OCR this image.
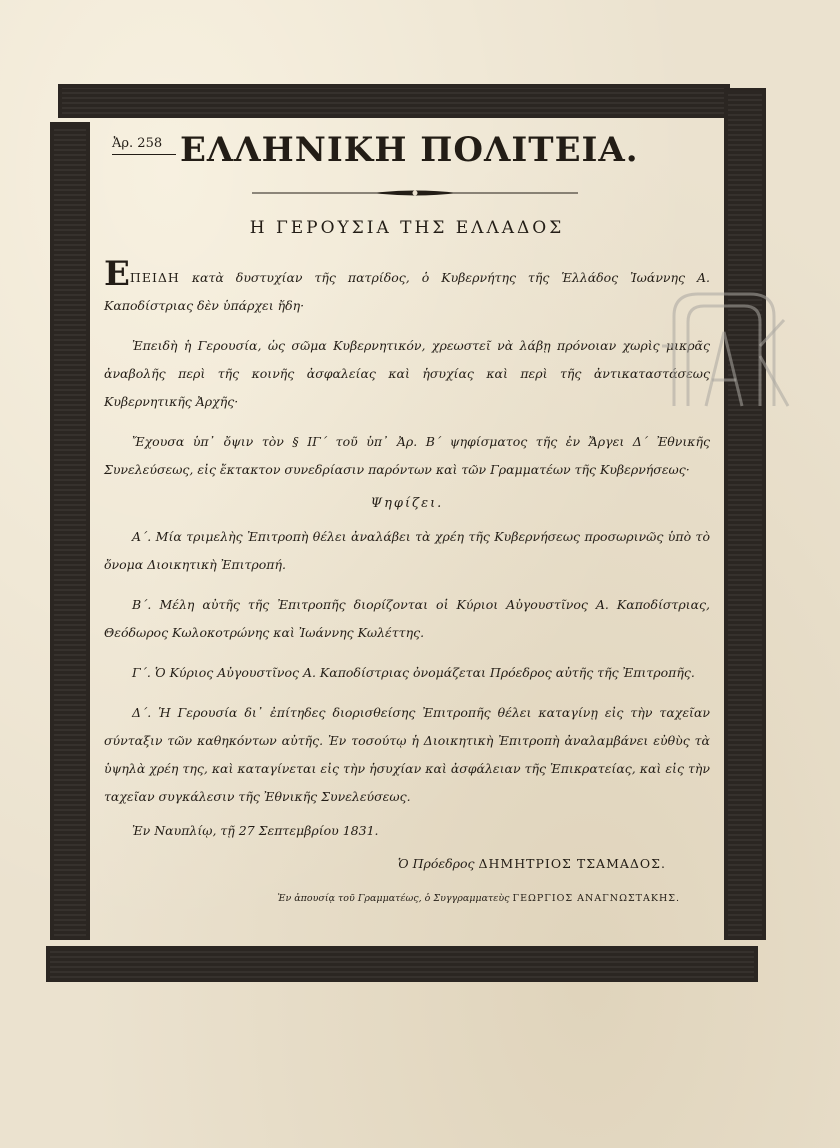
Ἀρ. 258 ΕΛΛΗΝΙΚΗ ΠΟΛΙΤΕΙΑ.
Η ΓΕΡΟΥΣΙΑ ΤΗΣ ΕΛΛΑΔΟΣ

ΕΠΕΙΔΗ κατὰ δυστυχίαν τῆς πατρίδος, ὁ Κυβερνήτης τῆς Ἑλλάδος Ἰωάννης Α. Καποδίστριας δὲν ὑπάρχει ἤδη·

Ἐπειδὴ ἡ Γερουσία, ὡς σῶμα Κυβερνητικόν, χρεωστεῖ νὰ λάβῃ πρόνοιαν χωρὶς μικρᾶς ἀναβολῆς περὶ τῆς κοινῆς ἀσφαλείας καὶ ἡσυχίας καὶ περὶ τῆς ἀντικαταστάσεως Κυβερνητικῆς Ἀρχῆς·

Ἔχουσα ὑπ᾽ ὄψιν τὸν § ΙΓ´ τοῦ ὑπ᾽ Ἀρ. Β´ ψηφίσματος τῆς ἐν Ἄργει Δ´ Ἐθνικῆς Συνελεύσεως, εἰς ἔκτακτον συνεδρίασιν παρόντων καὶ τῶν Γραμματέων τῆς Κυβερνήσεως·

Ψηφίζει.

Α´. Μία τριμελὴς Ἐπιτροπὴ θέλει ἀναλάβει τὰ χρέη τῆς Κυβερνήσεως προσωρινῶς ὑπὸ τὸ ὄνομα Διοικητικὴ Ἐπιτροπή.

Β´. Μέλη αὐτῆς τῆς Ἐπιτροπῆς διορίζονται οἱ Κύριοι Αὐγουστῖνος Α. Καποδίστριας, Θεόδωρος Κωλοκοτρώνης καὶ Ἰωάννης Κωλέττης.

Γ´. Ὁ Κύριος Αὐγουστῖνος Α. Καποδίστριας ὀνομάζεται Πρόεδρος αὐτῆς τῆς Ἐπιτροπῆς.

Δ´. Ἡ Γερουσία δι᾽ ἐπίτηδες διορισθείσης Ἐπιτροπῆς θέλει καταγίνῃ εἰς τὴν ταχεῖαν σύνταξιν τῶν καθηκόντων αὐτῆς. Ἐν τοσούτῳ ἡ Διοικητικὴ Ἐπιτροπὴ ἀναλαμβάνει εὐθὺς τὰ ὑψηλὰ χρέη της, καὶ καταγίνεται εἰς τὴν ἡσυχίαν καὶ ἀσφάλειαν τῆς Ἐπικρατείας, καὶ εἰς τὴν ταχεῖαν συγκάλεσιν τῆς Ἐθνικῆς Συνελεύσεως.

Ἐν Ναυπλίῳ, τῇ 27 Σεπτεμβρίου 1831.
Ὁ Πρόεδρος ΔΗΜΗΤΡΙΟΣ ΤΣΑΜΑΔΟΣ.
Ἐν ἀπουσίᾳ τοῦ Γραμματέως, ὁ Συγγραμματεὺς ΓΕΩΡΓΙΟΣ ΑΝΑΓΝΩΣΤΑΚΗΣ.
